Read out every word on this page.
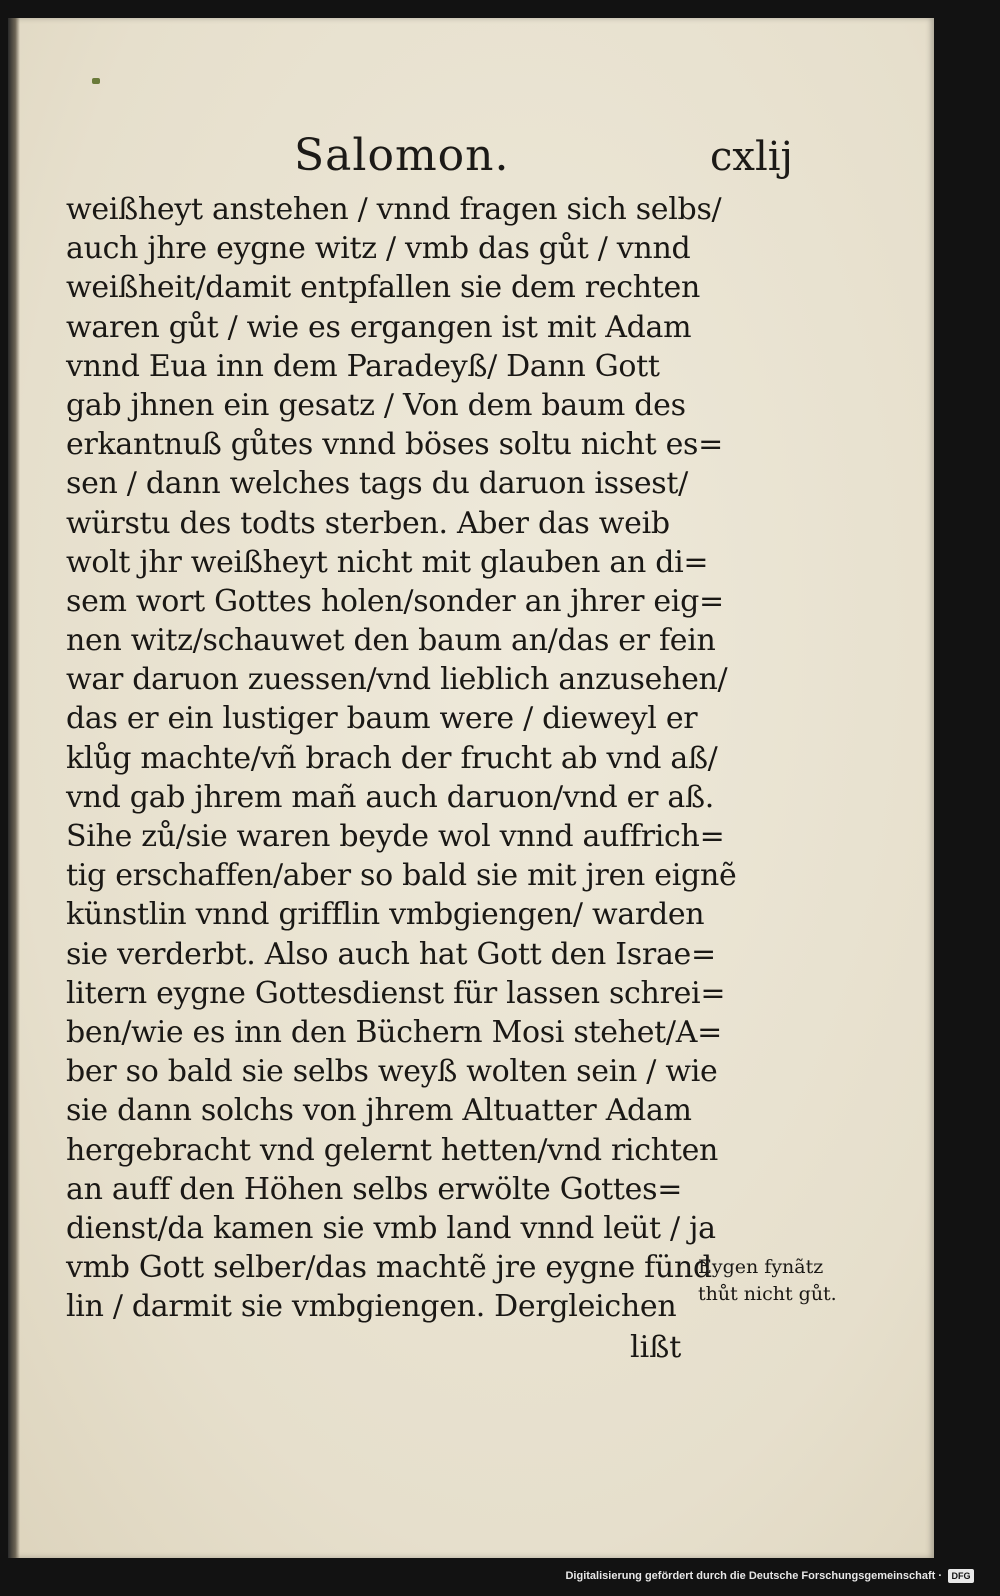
Salomon.	cxlij
weißheyt anstehen / vnnd fragen sich selbs/
auch jhre eygne witz / vmb das gůt / vnnd
weißheit/damit entpfallen sie dem rechten
waren gůt / wie es ergangen ist mit Adam
vnnd Eua inn dem Paradeyß/ Dann Gott
gab jhnen ein gesatz / Von dem baum des
erkantnuß gůtes vnnd böses soltu nicht es=
sen / dann welches tags du daruon issest/
würstu des todts sterben. Aber das weib
wolt jhr weißheyt nicht mit glauben an di=
sem wort Gottes holen/sonder an jhrer eig=
nen witz/schauwet den baum an/das er fein
war daruon zuessen/vnd lieblich anzusehen/
das er ein lustiger baum were / dieweyl er
klůg machte/vñ brach der frucht ab vnd aß/
vnd gab jhrem mañ auch daruon/vnd er aß.
Sihe zů/sie waren beyde wol vnnd auffrich=
tig erschaffen/aber so bald sie mit jren eignẽ
künstlin vnnd grifflin vmbgiengen/ warden
sie verderbt. Also auch hat Gott den Israe=
litern eygne Gottesdienst für lassen schrei=
ben/wie es inn den Büchern Mosi stehet/A=
ber so bald sie selbs weyß wolten sein / wie
sie dann solchs von jhrem Altuatter Adam
hergebracht vnd gelernt hetten/vnd richten
an auff den Höhen selbs erwölte Gottes=
dienst/da kamen sie vmb land vnnd leüt / ja
vmb Gott selber/das machtẽ jre eygne fünd
lin / darmit sie vmbgiengen. Dergleichen
Eygen fynãtz
thůt nicht gůt.
lißt
Digitalisierung gefördert durch die Deutsche Forschungsgemeinschaft ·	DFG
